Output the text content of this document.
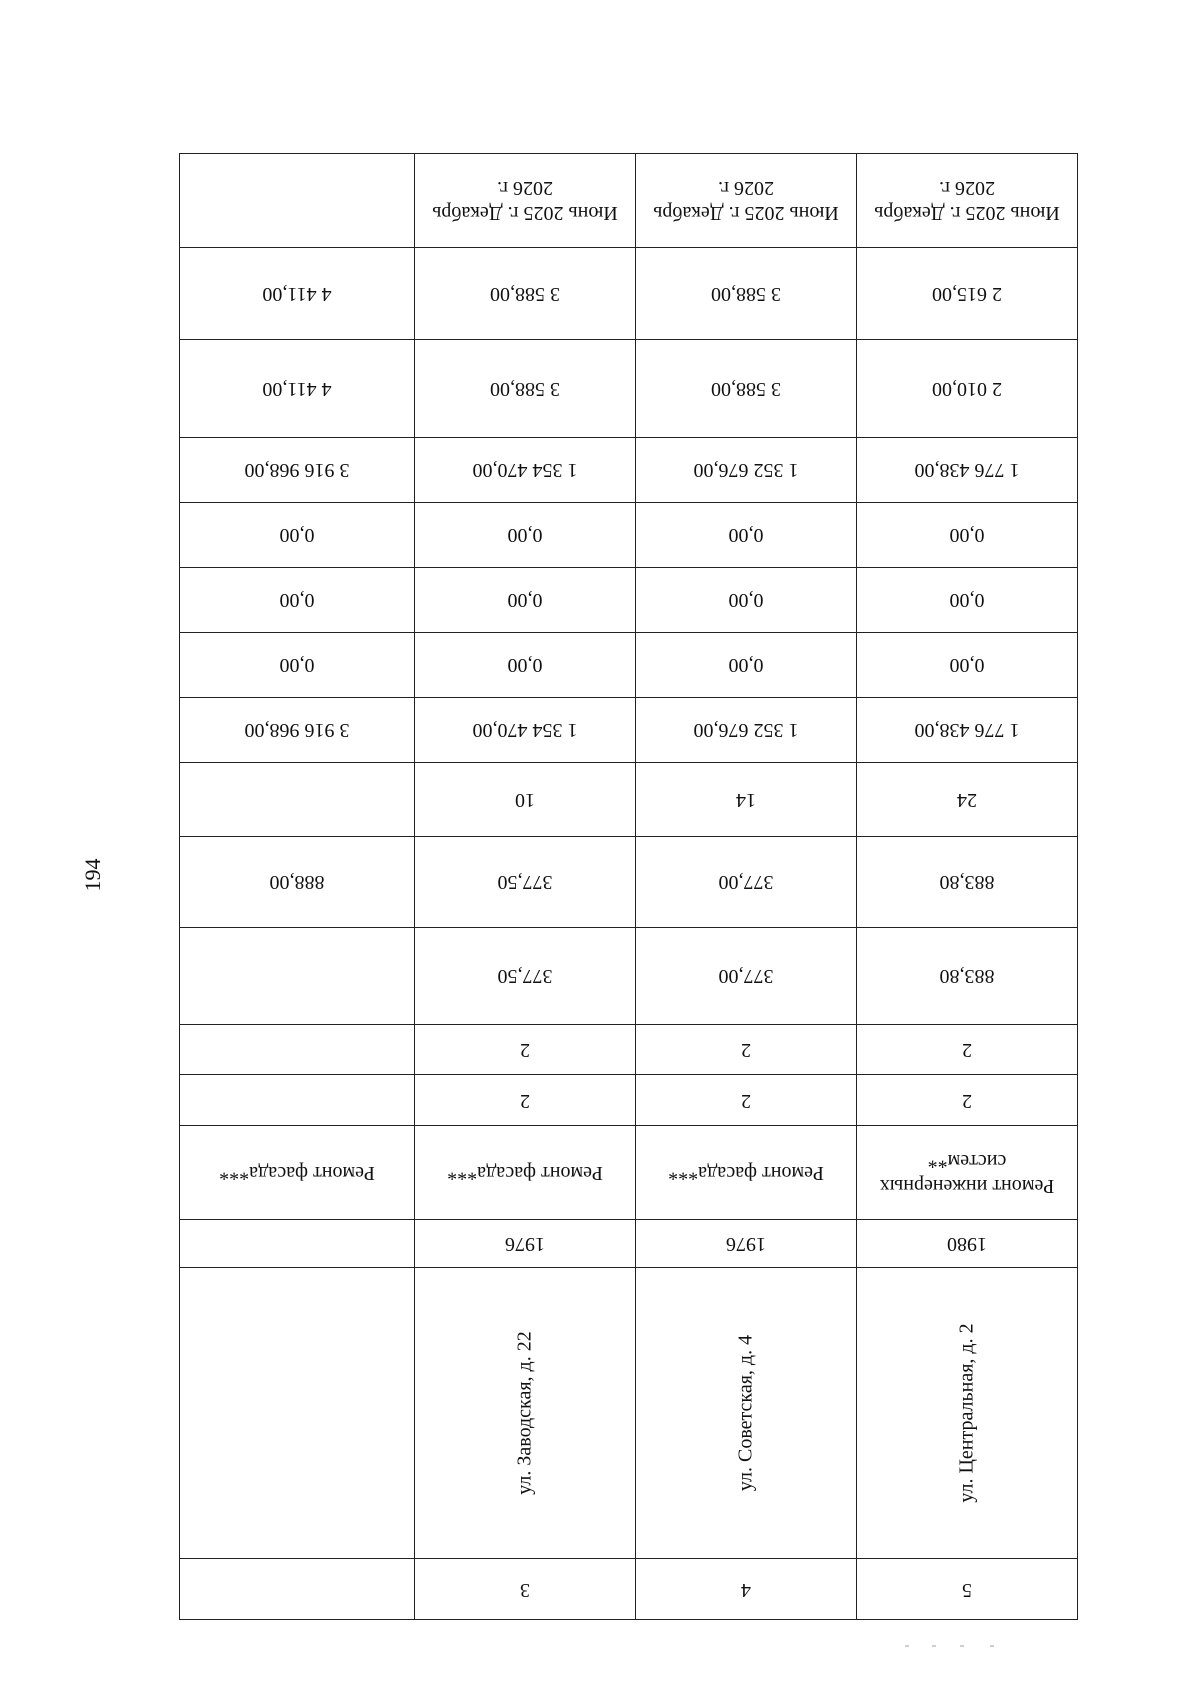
194
5	4	3	

ул. Центральная, д. 2	ул. Советская, д. 4	ул. Заводская, д. 22	

1980	1976	1976	
Ремонт инженерных систем**	Ремонт фасада***	Ремонт фасада***	Ремонт фасада***
2	2	2	
2	2	2	
883,80	377,00	377,50	
883,80	377,00	377,50	888,00
24	14	10	
1 776 438,00	1 352 676,00	1 354 470,00	3 916 968,00
0,00	0,00	0,00	0,00
0,00	0,00	0,00	0,00
0,00	0,00	0,00	0,00
1 776 438,00	1 352 676,00	1 354 470,00	3 916 968,00
2 010,00	3 588,00	3 588,00	4 411,00
2 615,00	3 588,00	3 588,00	4 411,00
Июнь 2025 г. Декабрь 2026 г.	Июнь 2025 г. Декабрь 2026 г.	Июнь 2025 г. Декабрь 2026 г.	
